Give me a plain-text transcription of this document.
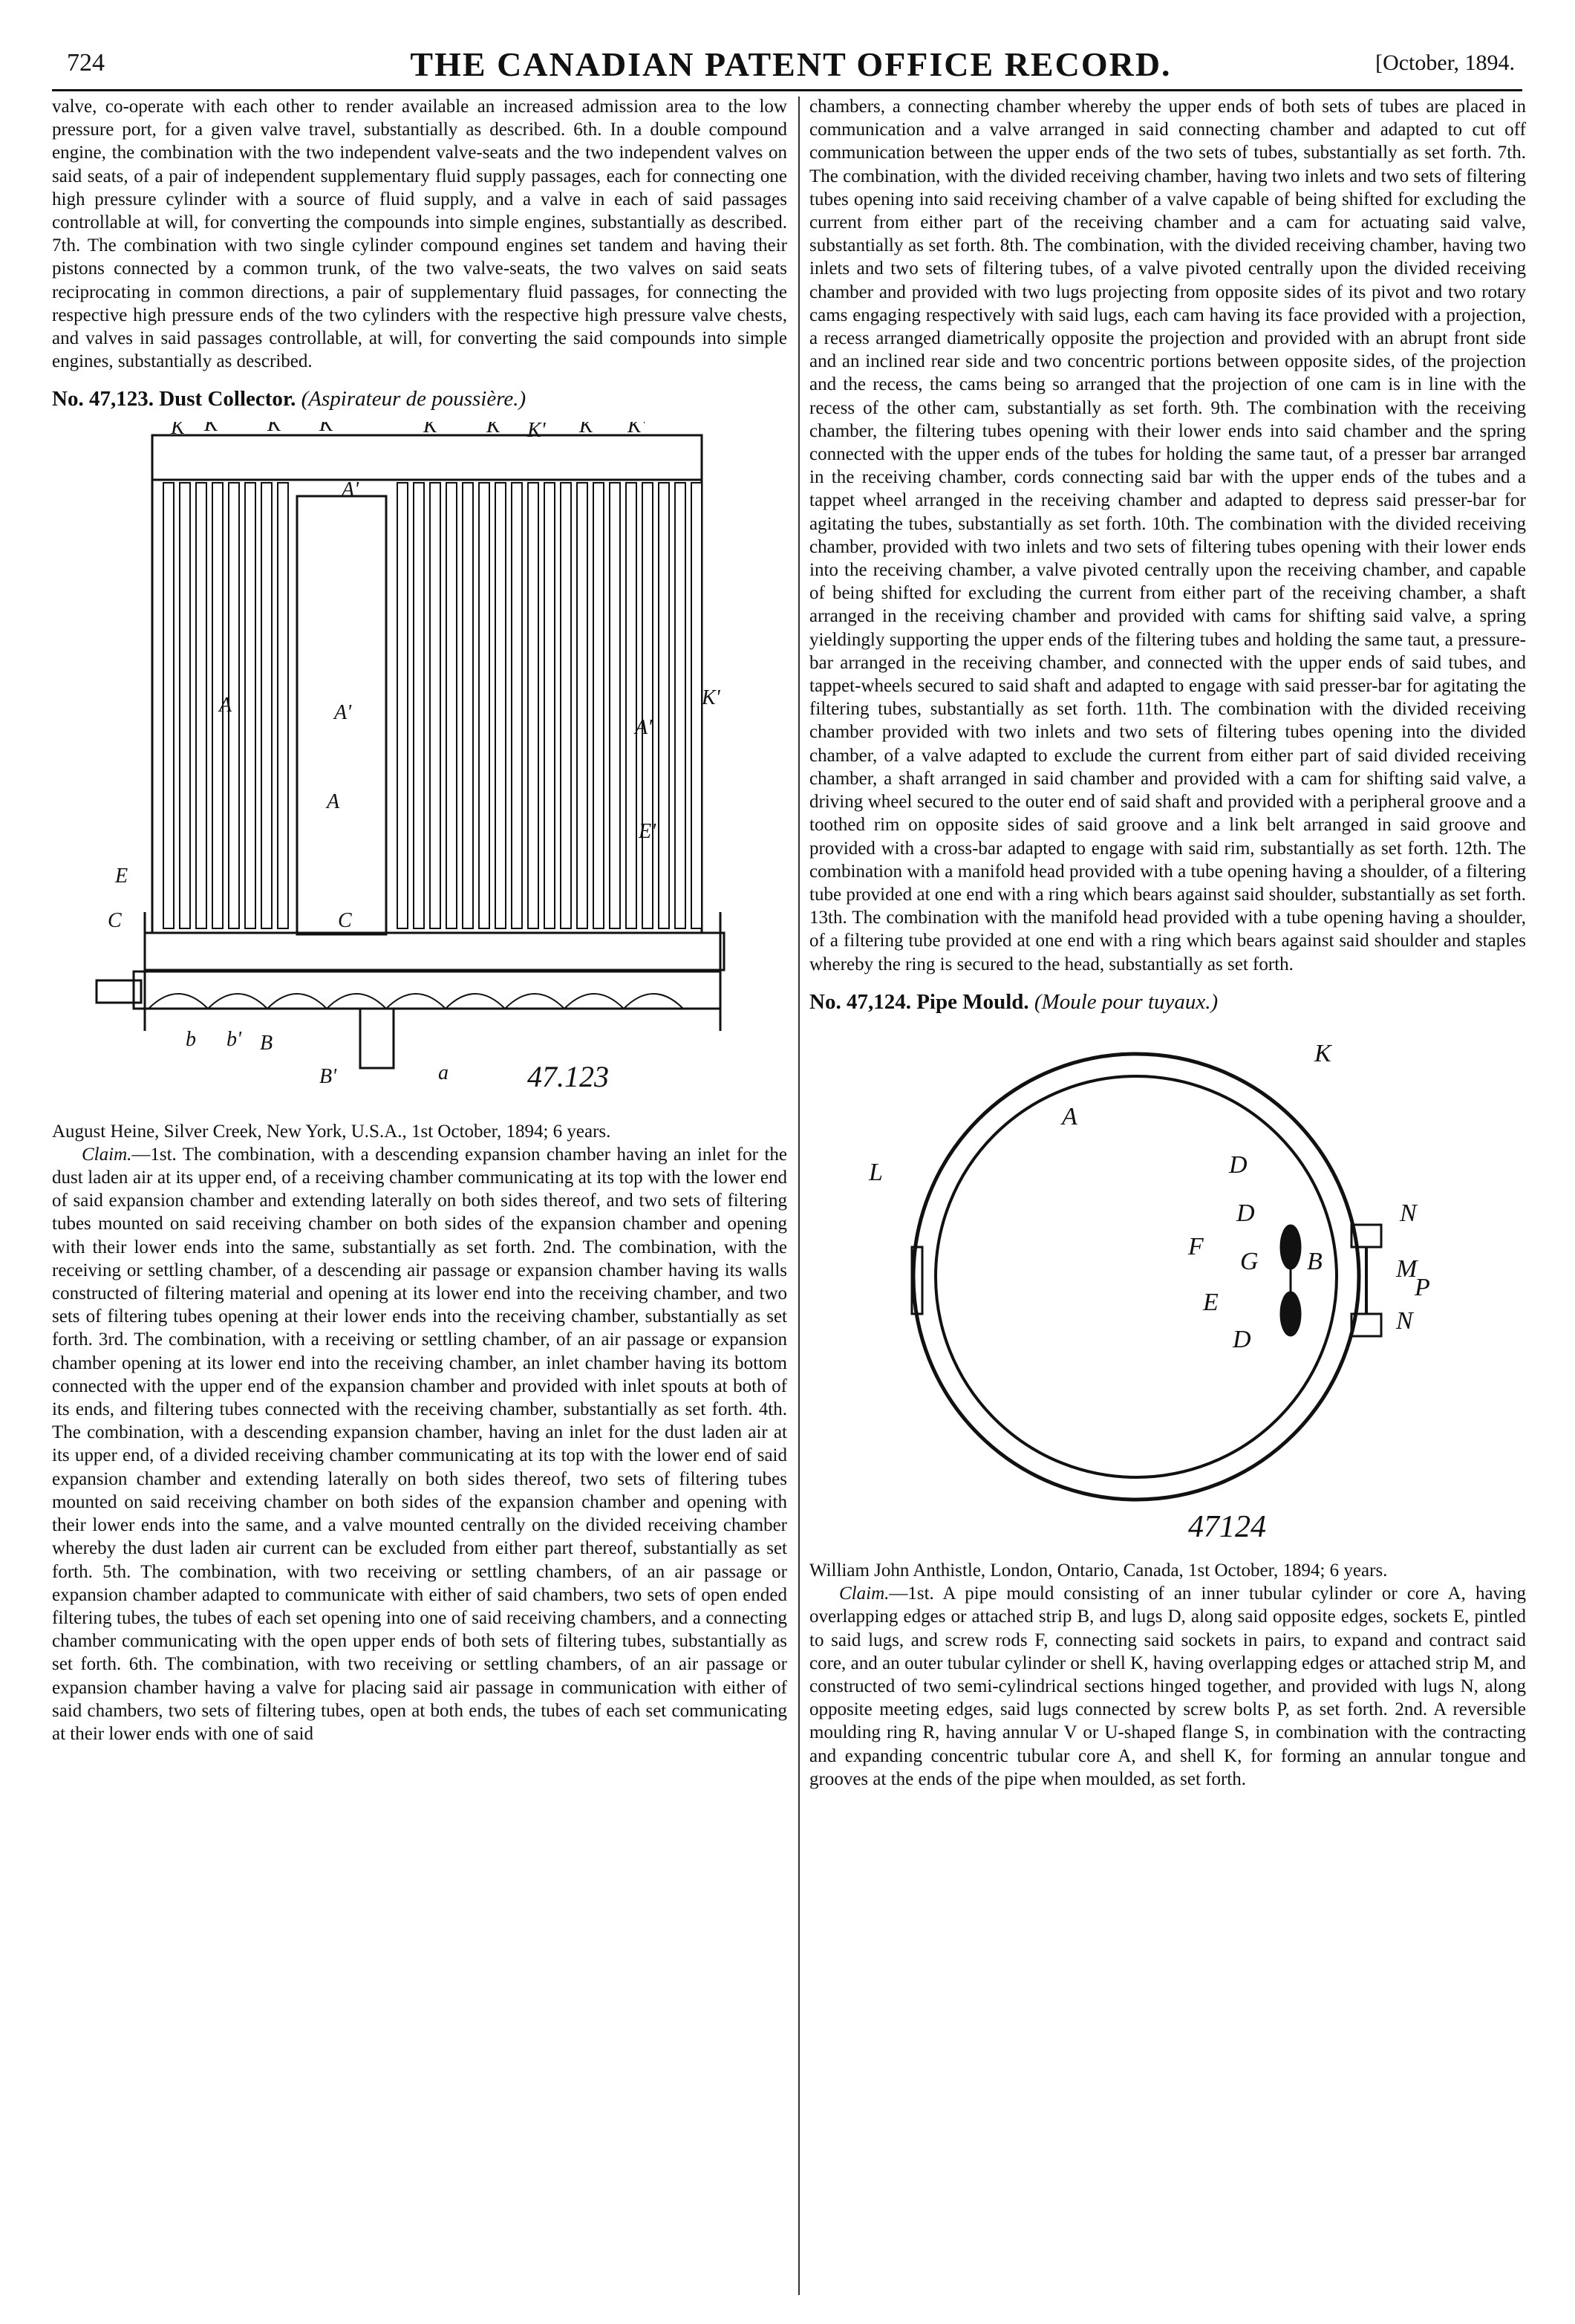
724	THE CANADIAN PATENT OFFICE RECORD.	[October, 1894.

valve, co-operate with each other to render available an increased admission area to the low pressure port, for a given valve travel, substantially as described. 6th. In a double compound engine, the combination with the two independent valve-seats and the two independent valves on said seats, of a pair of independent supplementary fluid supply passages, each for connecting one high pressure cylinder with a source of fluid supply, and a valve in each of said passages controllable at will, for converting the compounds into simple engines, substantially as described. 7th. The combination with two single cylinder compound engines set tandem and having their pistons connected by a common trunk, of the two valve-seats, the two valves on said seats reciprocating in common directions, a pair of supplementary fluid passages, for connecting the respective high pressure ends of the two cylinders with the respective high pressure valve chests, and valves in said passages controllable, at will, for converting the said compounds into simple engines, substantially as described.

No. 47,123. Dust Collector. (Aspirateur de poussière.)
K K' K K'
A'
K K K'	K'
K
A	A'
K'
A'
A
E
E'
C	C
b b' B
B'	a	47.123

August Heine, Silver Creek, New York, U.S.A., 1st October, 1894; 6 years.

Claim.—1st. The combination, with a descending expansion chamber having an inlet for the dust laden air at its upper end, of a receiving chamber communicating at its top with the lower end of said expansion chamber and extending laterally on both sides thereof, and two sets of filtering tubes mounted on said receiving chamber on both sides of the expansion chamber and opening with their lower ends into the same, substantially as set forth. 2nd. The combination, with the receiving or settling chamber, of a descending air passage or expansion chamber having its walls constructed of filtering material and opening at its lower end into the receiving chamber, and two sets of filtering tubes opening at their lower ends into the receiving chamber, substantially as set forth. 3rd. The combination, with a receiving or settling chamber, of an air passage or expansion chamber opening at its lower end into the receiving chamber, an inlet chamber having its bottom connected with the upper end of the expansion chamber and provided with inlet spouts at both of its ends, and filtering tubes connected with the receiving chamber, substantially as set forth. 4th. The combination, with a descending expansion chamber, having an inlet for the dust laden air at its upper end, of a divided receiving chamber communicating at its top with the lower end of said expansion chamber and extending laterally on both sides thereof, two sets of filtering tubes mounted on said receiving chamber on both sides of the expansion chamber and opening with their lower ends into the same, and a valve mounted centrally on the divided receiving chamber whereby the dust laden air current can be excluded from either part thereof, substantially as set forth. 5th. The combination, with two receiving or settling chambers, of an air passage or expansion chamber adapted to communicate with either of said chambers, two sets of open ended filtering tubes, the tubes of each set opening into one of said receiving chambers, and a connecting chamber communicating with the open upper ends of both sets of filtering tubes, substantially as set forth. 6th. The combination, with two receiving or settling chambers, of an air passage or expansion chamber having a valve for placing said air passage in communication with either of said chambers, two sets of filtering tubes, open at both ends, the tubes of each set communicating at their lower ends with one of said

chambers, a connecting chamber whereby the upper ends of both sets of tubes are placed in communication and a valve arranged in said connecting chamber and adapted to cut off communication between the upper ends of the two sets of tubes, substantially as set forth. 7th. The combination, with the divided receiving chamber, having two inlets and two sets of filtering tubes opening into said receiving chamber of a valve capable of being shifted for excluding the current from either part of the receiving chamber and a cam for actuating said valve, substantially as set forth. 8th. The combination, with the divided receiving chamber, having two inlets and two sets of filtering tubes, of a valve pivoted centrally upon the divided receiving chamber and provided with two lugs projecting from opposite sides of its pivot and two rotary cams engaging respectively with said lugs, each cam having its face provided with a projection, a recess arranged diametrically opposite the projection and provided with an abrupt front side and an inclined rear side and two concentric portions between opposite sides, of the projection and the recess, the cams being so arranged that the projection of one cam is in line with the recess of the other cam, substantially as set forth. 9th. The combination with the receiving chamber, the filtering tubes opening with their lower ends into said chamber and the spring connected with the upper ends of the tubes for holding the same taut, of a presser bar arranged in the receiving chamber, cords connecting said bar with the upper ends of the tubes and a tappet wheel arranged in the receiving chamber and adapted to depress said presser-bar for agitating the tubes, substantially as set forth. 10th. The combination with the divided receiving chamber, provided with two inlets and two sets of filtering tubes opening with their lower ends into the receiving chamber, a valve pivoted centrally upon the receiving chamber, and capable of being shifted for excluding the current from either part of the receiving chamber, a shaft arranged in the receiving chamber and provided with cams for shifting said valve, a spring yieldingly supporting the upper ends of the filtering tubes and holding the same taut, a pressure-bar arranged in the receiving chamber, and connected with the upper ends of said tubes, and tappet-wheels secured to said shaft and adapted to engage with said presser-bar for agitating the filtering tubes, substantially as set forth. 11th. The combination with the divided receiving chamber provided with two inlets and two sets of filtering tubes opening into the divided chamber, of a valve adapted to exclude the current from either part of said divided receiving chamber, a shaft arranged in said chamber and provided with a cam for shifting said valve, a driving wheel secured to the outer end of said shaft and provided with a peripheral groove and a toothed rim on opposite sides of said groove and a link belt arranged in said groove and provided with a cross-bar adapted to engage with said rim, substantially as set forth. 12th. The combination with a manifold head provided with a tube opening having a shoulder, of a filtering tube provided at one end with a ring which bears against said shoulder, substantially as set forth. 13th. The combination with the manifold head provided with a tube opening having a shoulder, of a filtering tube provided at one end with a ring which bears against said shoulder and staples whereby the ring is secured to the head, substantially as set forth.

No. 47,124. Pipe Mould. (Moule pour tuyaux.)
K
A
L	D
D
F
G B
E
D
N
M
P
N
47124

William John Anthistle, London, Ontario, Canada, 1st October, 1894; 6 years.

Claim.—1st. A pipe mould consisting of an inner tubular cylinder or core A, having overlapping edges or attached strip B, and lugs D, along said opposite edges, sockets E, pintled to said lugs, and screw rods F, connecting said sockets in pairs, to expand and contract said core, and an outer tubular cylinder or shell K, having overlapping edges or attached strip M, and constructed of two semi-cylindrical sections hinged together, and provided with lugs N, along opposite meeting edges, said lugs connected by screw bolts P, as set forth. 2nd. A reversible moulding ring R, having annular V or U-shaped flange S, in combination with the contracting and expanding concentric tubular core A, and shell K, for forming an annular tongue and grooves at the ends of the pipe when moulded, as set forth.
